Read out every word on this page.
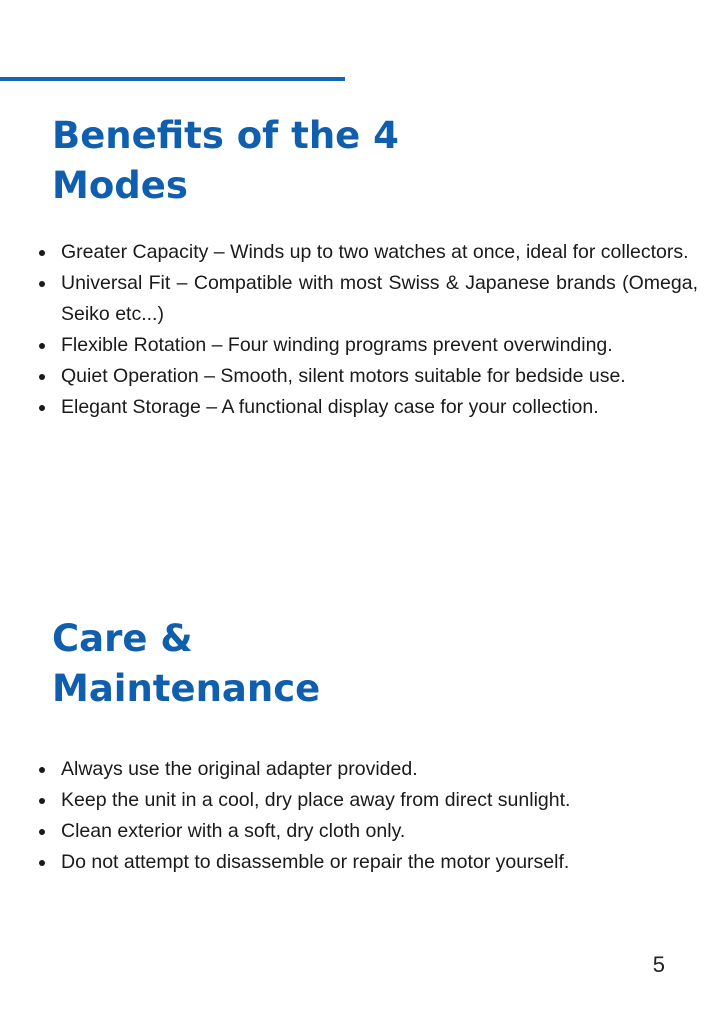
Benefits of the 4
Modes
Greater Capacity – Winds up to two watches at once, ideal for collectors.
Universal Fit – Compatible with most Swiss & Japanese brands (Omega, Seiko etc...)
Flexible Rotation – Four winding programs prevent overwinding.
Quiet Operation – Smooth, silent motors suitable for bedside use.
Elegant Storage – A functional display case for your collection.
Care &
Maintenance
Always use the original adapter provided.
Keep the unit in a cool, dry place away from direct sunlight.
Clean exterior with a soft, dry cloth only.
Do not attempt to disassemble or repair the motor yourself.
5
